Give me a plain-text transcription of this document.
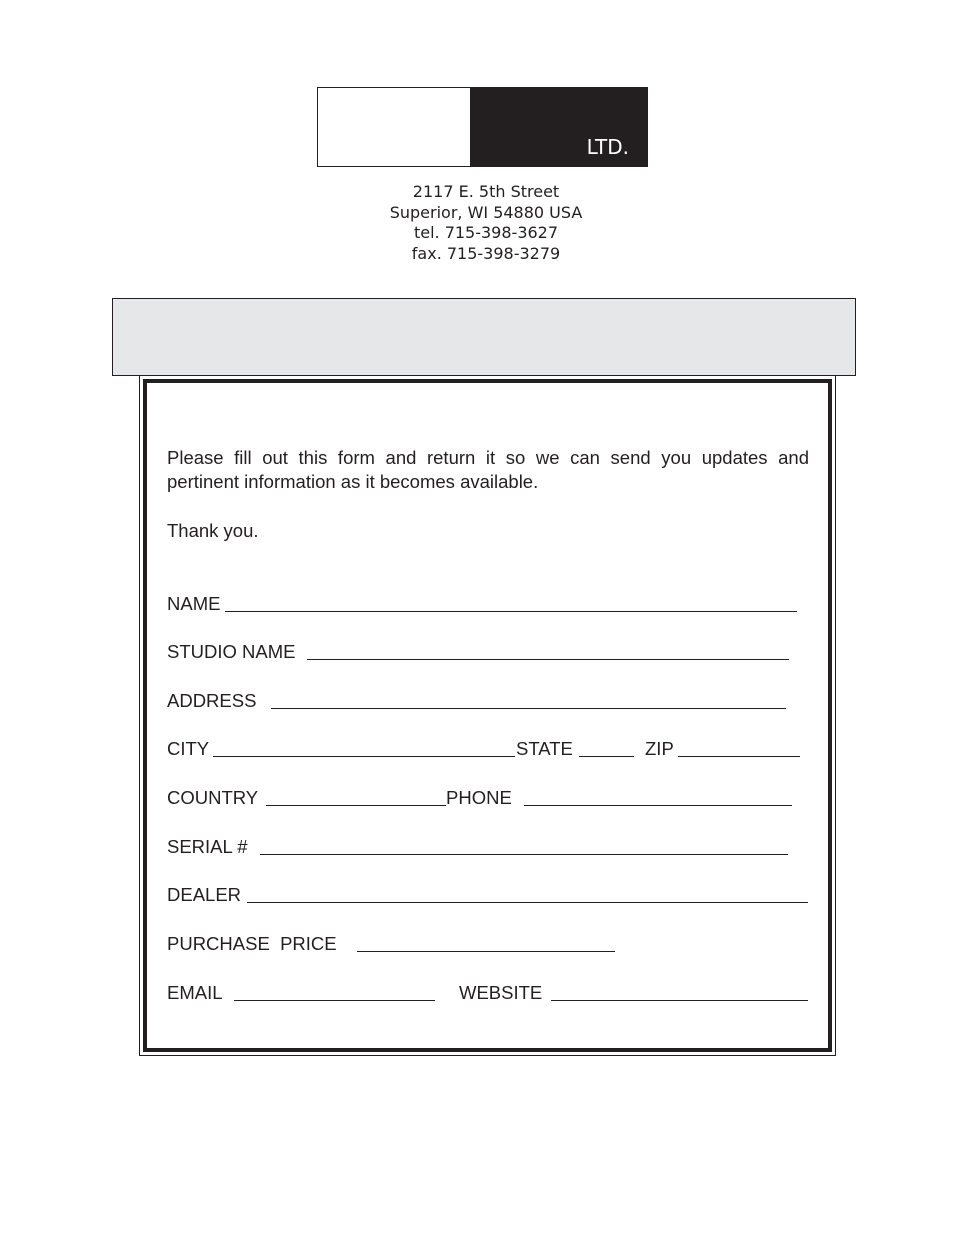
LTD.
2117 E. 5th Street
Superior, WI 54880 USA
tel. 715-398-3627
fax. 715-398-3279
Please fill out this form and return it so we can send you updates and pertinent information as it becomes available.
Thank you.
NAME
STUDIO NAME
ADDRESS
CITY	STATE	ZIP
COUNTRY	PHONE
SERIAL #
DEALER
PURCHASE  PRICE
EMAIL	WEBSITE
